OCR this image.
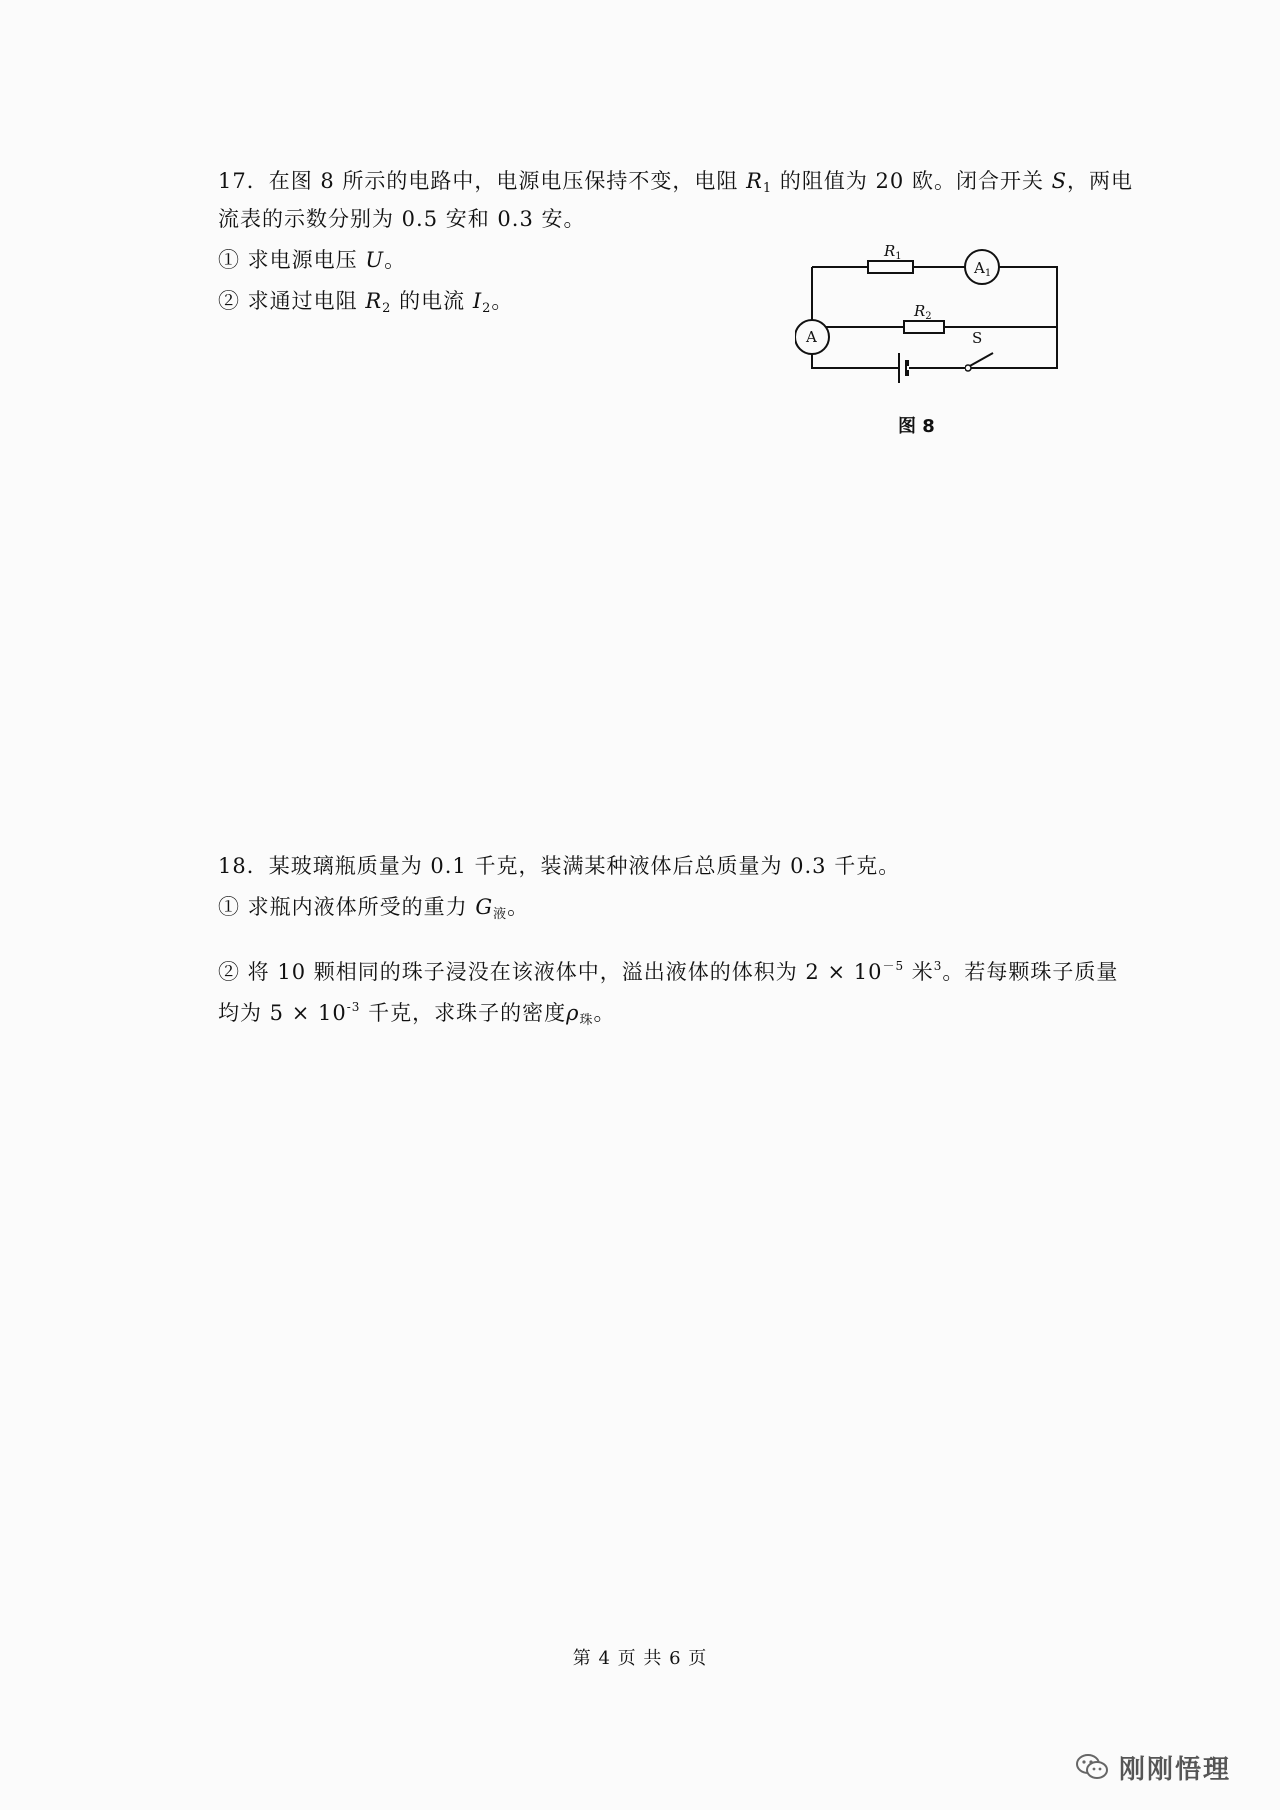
17．在图 8 所示的电路中，电源电压保持不变，电阻 $R_1$ 的阻值为 20 欧。闭合开关 S，两电

流表的示数分别为 0.5 安和 0.3 安。

① 求电源电压 U。

② 求通过电阻 $R_2$ 的电流 $I_2$。

$R_1$
$R_2$
$A_1$
A	S
图 8

18．某玻璃瓶质量为 0.1 千克，装满某种液体后总质量为 0.3 千克。

① 求瓶内液体所受的重力 $G_液$。

② 将 10 颗相同的珠子浸没在该液体中，溢出液体的体积为 $2 \times 10^{-5}$ 米$^3$。若每颗珠子质量

均为 $5 \times 10^{-3}$ 千克，求珠子的密度$\rho_珠$。

第 4 页 共 6 页
刚刚悟理
